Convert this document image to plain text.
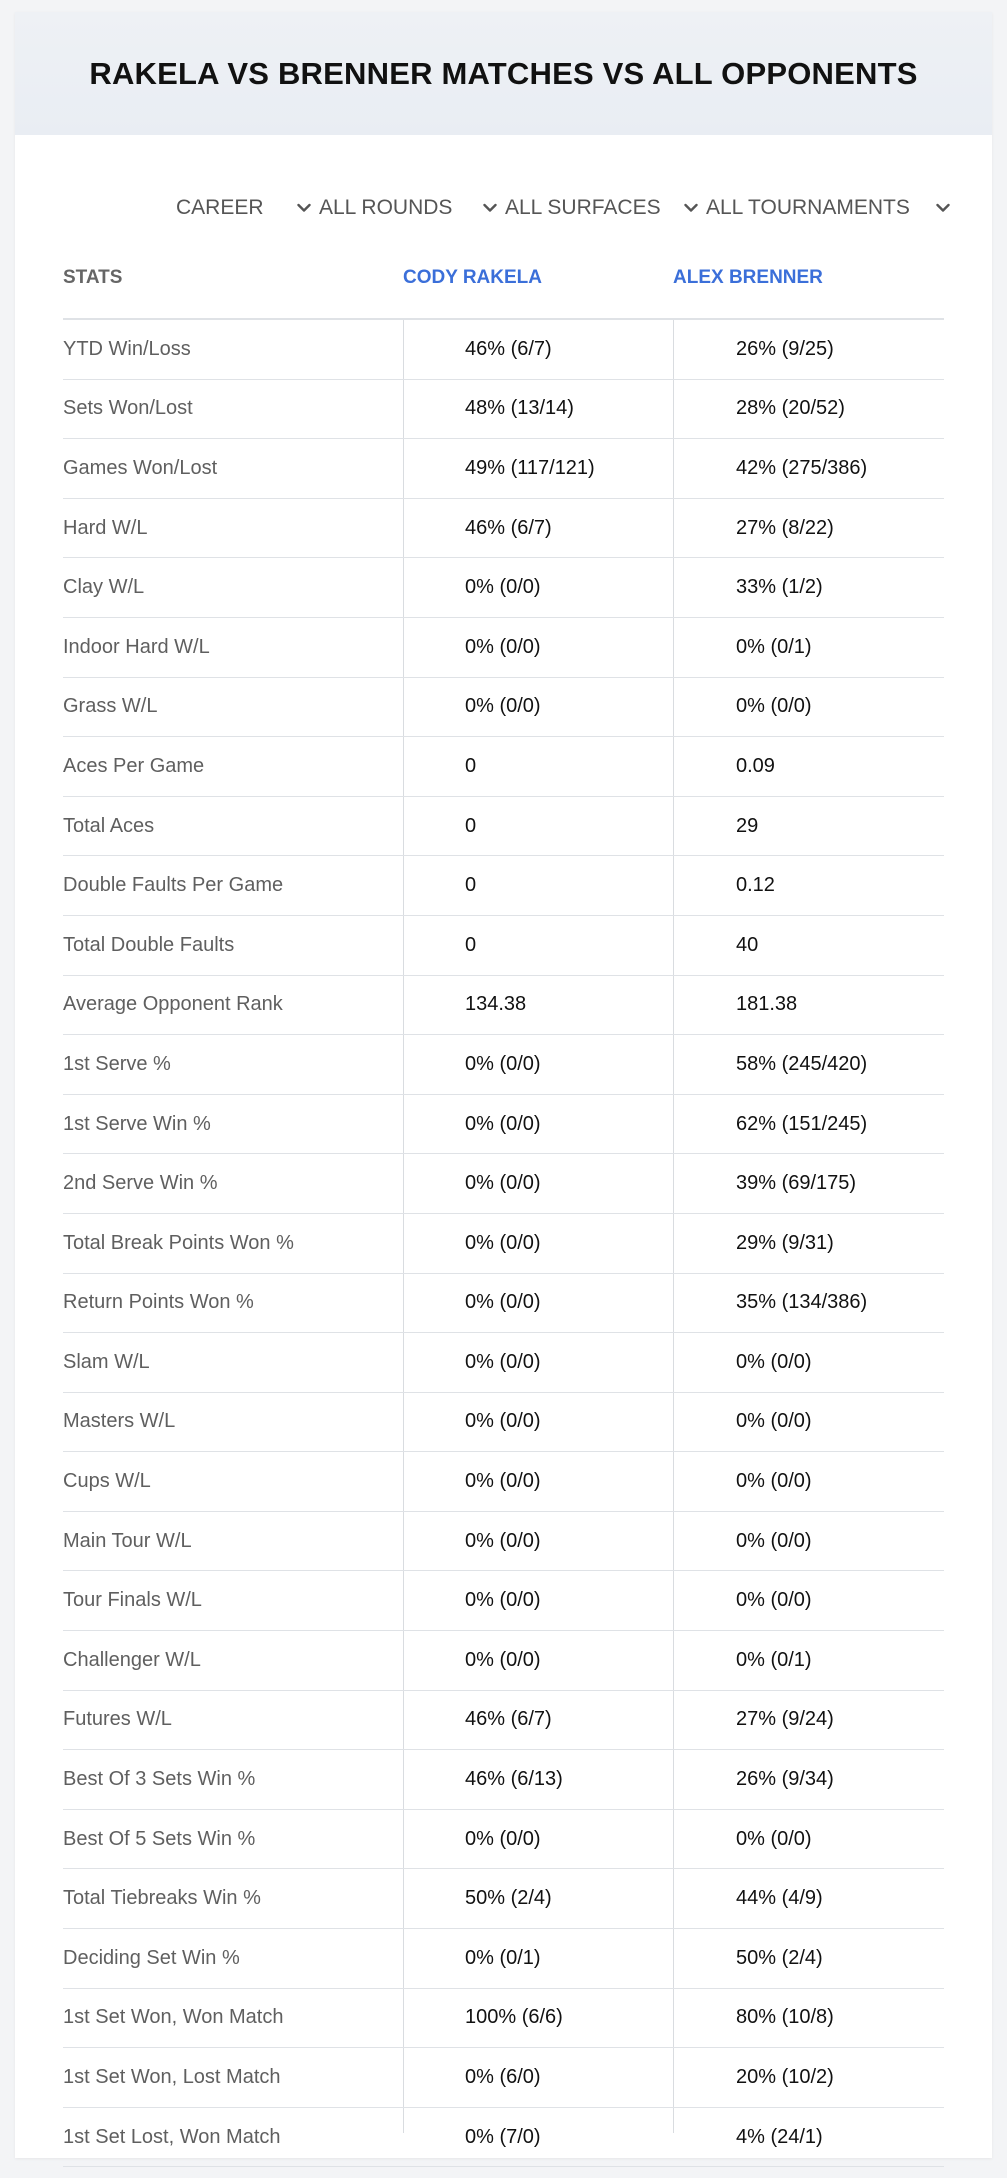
RAKELA VS BRENNER MATCHES VS ALL OPPONENTS
CAREER	ALL ROUNDS	ALL SURFACES ALL TOURNAMENTS
STATS	CODY RAKELA	ALEX BRENNER
YTD Win/Loss	46% (6/7)	26% (9/25)
Sets Won/Lost	48% (13/14)	28% (20/52)
Games Won/Lost	49% (117/121)	42% (275/386)
Hard W/L	46% (6/7)	27% (8/22)
Clay W/L	0% (0/0)	33% (1/2)
Indoor Hard W/L	0% (0/0)	0% (0/1)
Grass W/L	0% (0/0)	0% (0/0)
Aces Per Game	0	0.09
Total Aces	0	29
Double Faults Per Game	0	0.12
Total Double Faults	0	40
Average Opponent Rank	134.38	181.38
1st Serve %	0% (0/0)	58% (245/420)
1st Serve Win %	0% (0/0)	62% (151/245)
2nd Serve Win %	0% (0/0)	39% (69/175)
Total Break Points Won %	0% (0/0)	29% (9/31)
Return Points Won %	0% (0/0)	35% (134/386)
Slam W/L	0% (0/0)	0% (0/0)
Masters W/L	0% (0/0)	0% (0/0)
Cups W/L	0% (0/0)	0% (0/0)
Main Tour W/L	0% (0/0)	0% (0/0)
Tour Finals W/L	0% (0/0)	0% (0/0)
Challenger W/L	0% (0/0)	0% (0/1)
Futures W/L	46% (6/7)	27% (9/24)
Best Of 3 Sets Win %	46% (6/13)	26% (9/34)
Best Of 5 Sets Win %	0% (0/0)	0% (0/0)
Total Tiebreaks Win %	50% (2/4)	44% (4/9)
Deciding Set Win %	0% (0/1)	50% (2/4)
1st Set Won, Won Match	100% (6/6)	80% (10/8)
1st Set Won, Lost Match	0% (6/0)	20% (10/2)
1st Set Lost, Won Match	0% (7/0)	4% (24/1)
